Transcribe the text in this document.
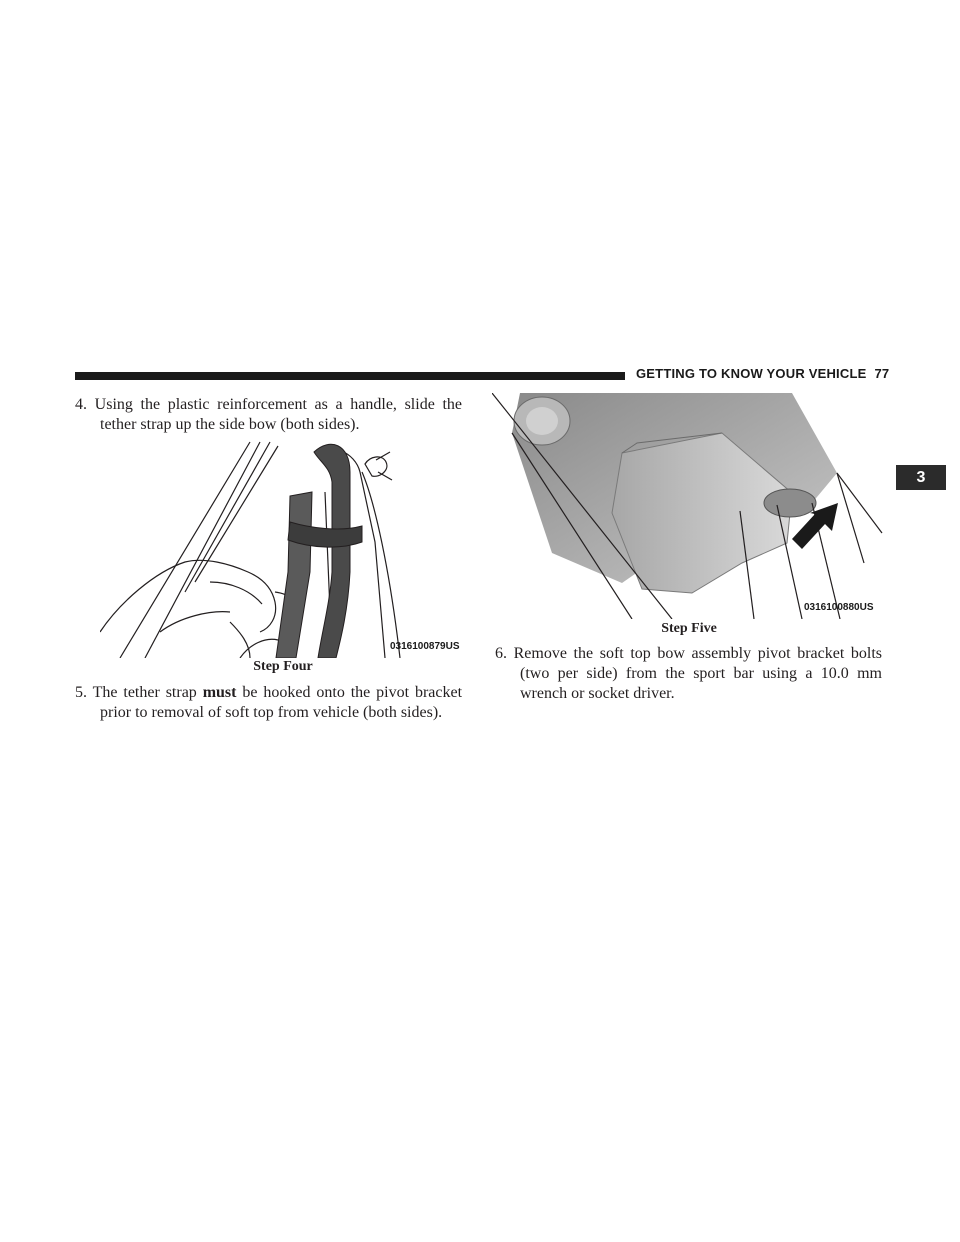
GETTING TO KNOW YOUR VEHICLE 77
3
4. Using the plastic reinforcement as a handle, slide the tether strap up the side bow (both sides).
0316100879US
Step Four
5. The tether strap must be hooked onto the pivot bracket prior to removal of soft top from vehicle (both sides).
0316100880US
Step Five
6. Remove the soft top bow assembly pivot bracket bolts (two per side) from the sport bar using a 10.0 mm wrench or socket driver.
